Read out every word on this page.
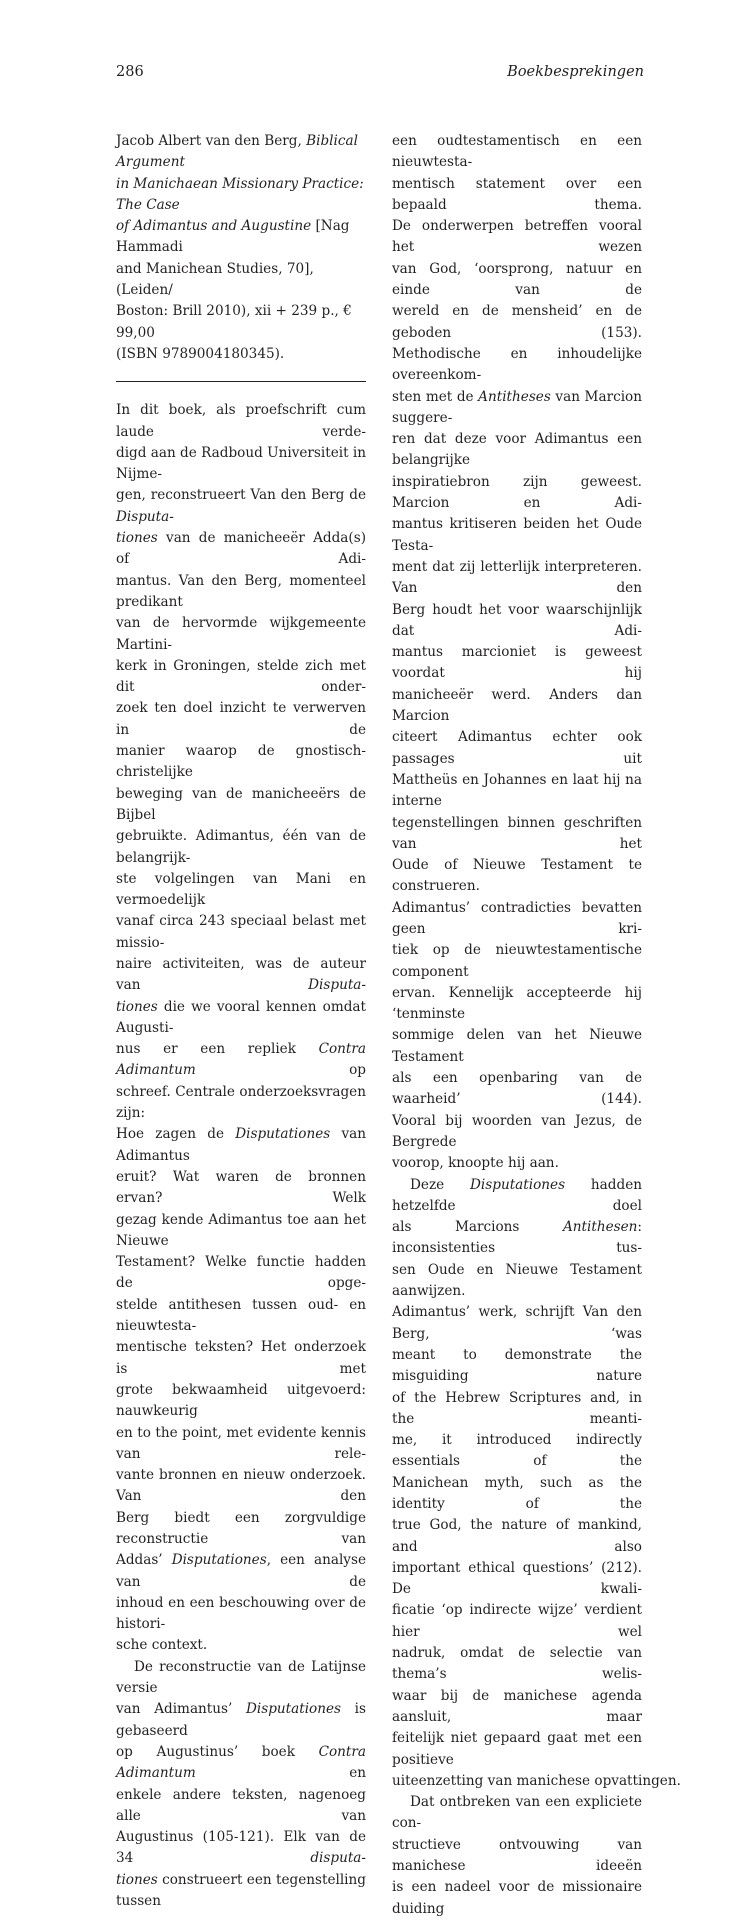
286	Boekbesprekingen

Jacob Albert van den Berg, Biblical Argument
in Manichaean Missionary Practice: The Case
of Adimantus and Augustine [Nag Hammadi
and Manichean Studies, 70], (Leiden/
Boston: Brill 2010), xii + 239 p., € 99,00
(ISBN 9789004180345).

In dit boek, als proefschrift cum laude verde-
digd aan de Radboud Universiteit in Nijme-
gen, reconstrueert Van den Berg de Disputa-
tiones van de manicheeër Adda(s) of Adi-
mantus. Van den Berg, momenteel predikant
van de hervormde wijkgemeente Martini-
kerk in Groningen, stelde zich met dit onder-
zoek ten doel inzicht te verwerven in de
manier waarop de gnostisch-christelijke
beweging van de manicheeërs de Bijbel
gebruikte. Adimantus, één van de belangrijk-
ste volgelingen van Mani en vermoedelijk
vanaf circa 243 speciaal belast met missio-
naire activiteiten, was de auteur van Disputa-
tiones die we vooral kennen omdat Augusti-
nus er een repliek Contra Adimantum op
schreef. Centrale onderzoeksvragen zijn:
Hoe zagen de Disputationes van Adimantus
eruit? Wat waren de bronnen ervan? Welk
gezag kende Adimantus toe aan het Nieuwe
Testament? Welke functie hadden de opge-
stelde antithesen tussen oud- en nieuwtesta-
mentische teksten? Het onderzoek is met
grote bekwaamheid uitgevoerd: nauwkeurig
en to the point, met evidente kennis van rele-
vante bronnen en nieuw onderzoek. Van den
Berg biedt een zorgvuldige reconstructie van
Addas’ Disputationes, een analyse van de
inhoud en een beschouwing over de histori-
sche context.
De reconstructie van de Latijnse versie
van Adimantus’ Disputationes is gebaseerd
op Augustinus’ boek Contra Adimantum en
enkele andere teksten, nagenoeg alle van
Augustinus (105-121). Elk van de 34 disputa-
tiones construeert een tegenstelling tussen
een oudtestamentisch en een nieuwtesta-
mentisch statement over een bepaald thema.
De onderwerpen betreffen vooral het wezen
van God, ‘oorsprong, natuur en einde van de
wereld en de mensheid’ en de geboden (153).
Methodische en inhoudelijke overeenkom-
sten met de Antitheses van Marcion suggere-
ren dat deze voor Adimantus een belangrijke
inspiratiebron zijn geweest. Marcion en Adi-
mantus kritiseren beiden het Oude Testa-
ment dat zij letterlijk interpreteren. Van den
Berg houdt het voor waarschijnlijk dat Adi-
mantus marcioniet is geweest voordat hij
manicheeër werd. Anders dan Marcion
citeert Adimantus echter ook passages uit
Mattheüs en Johannes en laat hij na interne
tegenstellingen binnen geschriften van het
Oude of Nieuwe Testament te construeren.
Adimantus’ contradicties bevatten geen kri-
tiek op de nieuwtestamentische component
ervan. Kennelijk accepteerde hij ‘tenminste
sommige delen van het Nieuwe Testament
als een openbaring van de waarheid’ (144).
Vooral bij woorden van Jezus, de Bergrede
voorop, knoopte hij aan.
Deze Disputationes hadden hetzelfde doel
als Marcions Antithesen: inconsistenties tus-
sen Oude en Nieuwe Testament aanwijzen.
Adimantus’ werk, schrijft Van den Berg, ‘was
meant to demonstrate the misguiding nature
of the Hebrew Scriptures and, in the meanti-
me, it introduced indirectly essentials of the
Manichean myth, such as the identity of the
true God, the nature of mankind, and also
important ethical questions’ (212). De kwali-
ficatie ‘op indirecte wijze’ verdient hier wel
nadruk, omdat de selectie van thema’s welis-
waar bij de manichese agenda aansluit, maar
feitelijk niet gepaard gaat met een positieve
uiteenzetting van manichese opvattingen.
Dat ontbreken van een expliciete con-
structieve ontvouwing van manichese ideeën
is een nadeel voor de missionaire duiding
